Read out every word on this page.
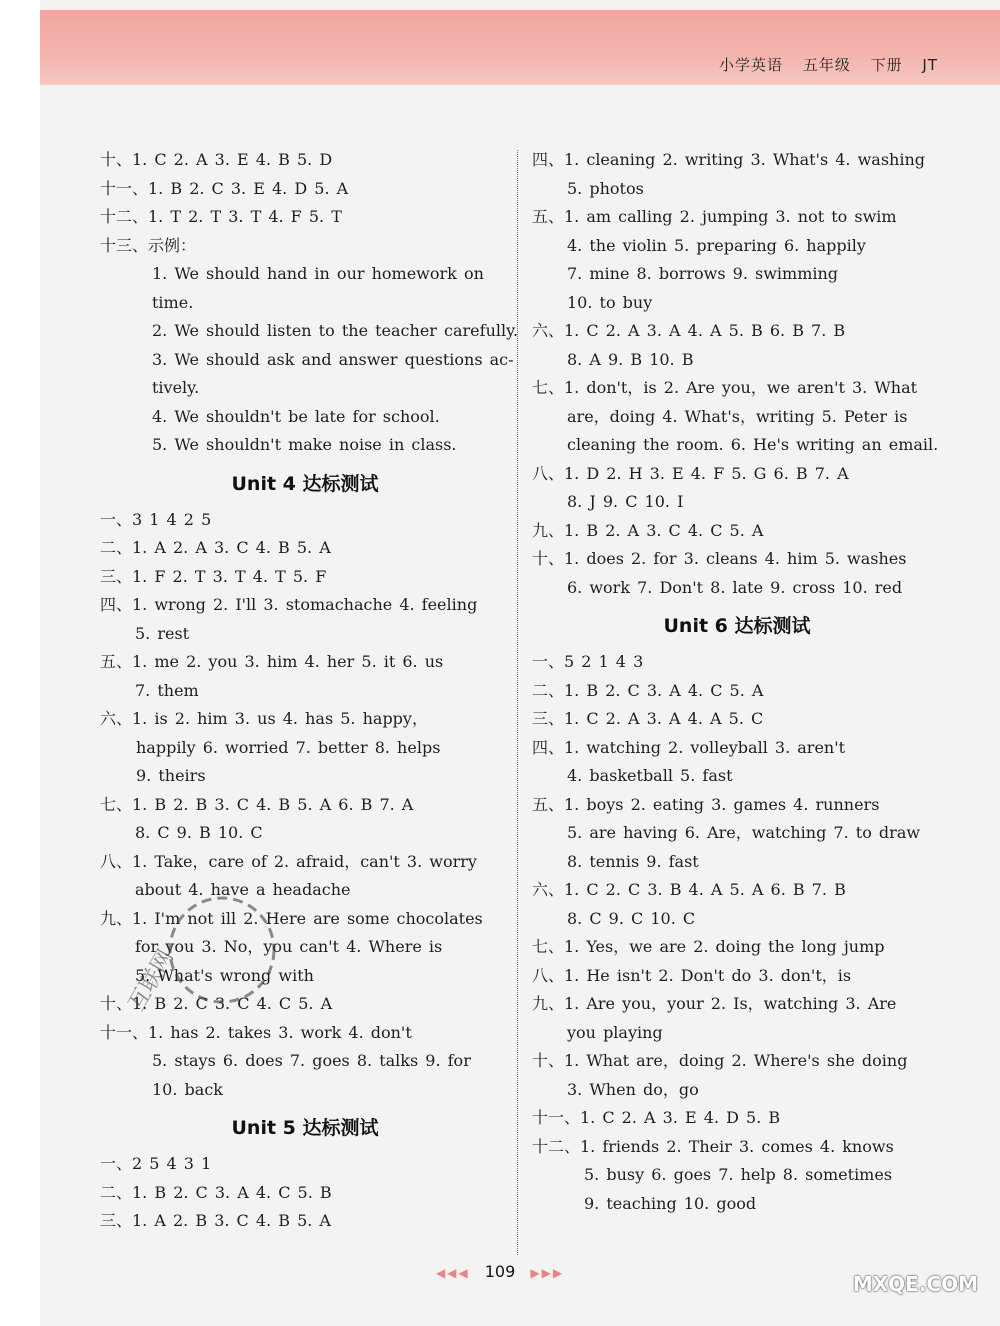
小学英语 五年级 下册 JT
十、1. C 2. A 3. E 4. B 5. D
十一、1. B 2. C 3. E 4. D 5. A
十二、1. T 2. T 3. T 4. F 5. T
十三、示例：
1. We should hand in our homework on
time.
2. We should listen to the teacher carefully.
3. We should ask and answer questions ac-
tively.
4. We shouldn't be late for school.
5. We shouldn't make noise in class.
Unit 4 达标测试
一、3 1 4 2 5
二、1. A 2. A 3. C 4. B 5. A
三、1. F 2. T 3. T 4. T 5. F
四、1. wrong 2. I'll 3. stomachache 4. feeling
5. rest
五、1. me 2. you 3. him 4. her 5. it 6. us
7. them
六、1. is 2. him 3. us 4. has 5. happy，
happily 6. worried 7. better 8. helps
9. theirs
七、1. B 2. B 3. C 4. B 5. A 6. B 7. A
8. C 9. B 10. C
八、1. Take，care of 2. afraid，can't 3. worry
about 4. have a headache
九、1. I'm not ill 2. Here are some chocolates
for you 3. No，you can't 4. Where is
5. What's wrong with
十、1. B 2. C 3. C 4. C 5. A
十一、1. has 2. takes 3. work 4. don't
5. stays 6. does 7. goes 8. talks 9. for
10. back
Unit 5 达标测试
一、2 5 4 3 1
二、1. B 2. C 3. A 4. C 5. B
三、1. A 2. B 3. C 4. B 5. A
四、1. cleaning 2. writing 3. What's 4. washing
5. photos
五、1. am calling 2. jumping 3. not to swim
4. the violin 5. preparing 6. happily
7. mine 8. borrows 9. swimming
10. to buy
六、1. C 2. A 3. A 4. A 5. B 6. B 7. B
8. A 9. B 10. B
七、1. don't，is 2. Are you，we aren't 3. What
are，doing 4. What's，writing 5. Peter is
cleaning the room. 6. He's writing an email.
八、1. D 2. H 3. E 4. F 5. G 6. B 7. A
8. J 9. C 10. I
九、1. B 2. A 3. C 4. C 5. A
十、1. does 2. for 3. cleans 4. him 5. washes
6. work 7. Don't 8. late 9. cross 10. red
Unit 6 达标测试
一、5 2 1 4 3
二、1. B 2. C 3. A 4. C 5. A
三、1. C 2. A 3. A 4. A 5. C
四、1. watching 2. volleyball 3. aren't
4. basketball 5. fast
五、1. boys 2. eating 3. games 4. runners
5. are having 6. Are，watching 7. to draw
8. tennis 9. fast
六、1. C 2. C 3. B 4. A 5. A 6. B 7. B
8. C 9. C 10. C
七、1. Yes，we are 2. doing the long jump
八、1. He isn't 2. Don't do 3. don't，is
九、1. Are you，your 2. Is，watching 3. Are
you playing
十、1. What are，doing 2. Where's she doing
3. When do，go
十一、1. C 2. A 3. E 4. D 5. B
十二、1. friends 2. Their 3. comes 4. knows
5. busy 6. goes 7. help 8. sometimes
9. teaching 10. good
互联网
◀◀◀ 109 ▶▶▶	MXQE.COM
